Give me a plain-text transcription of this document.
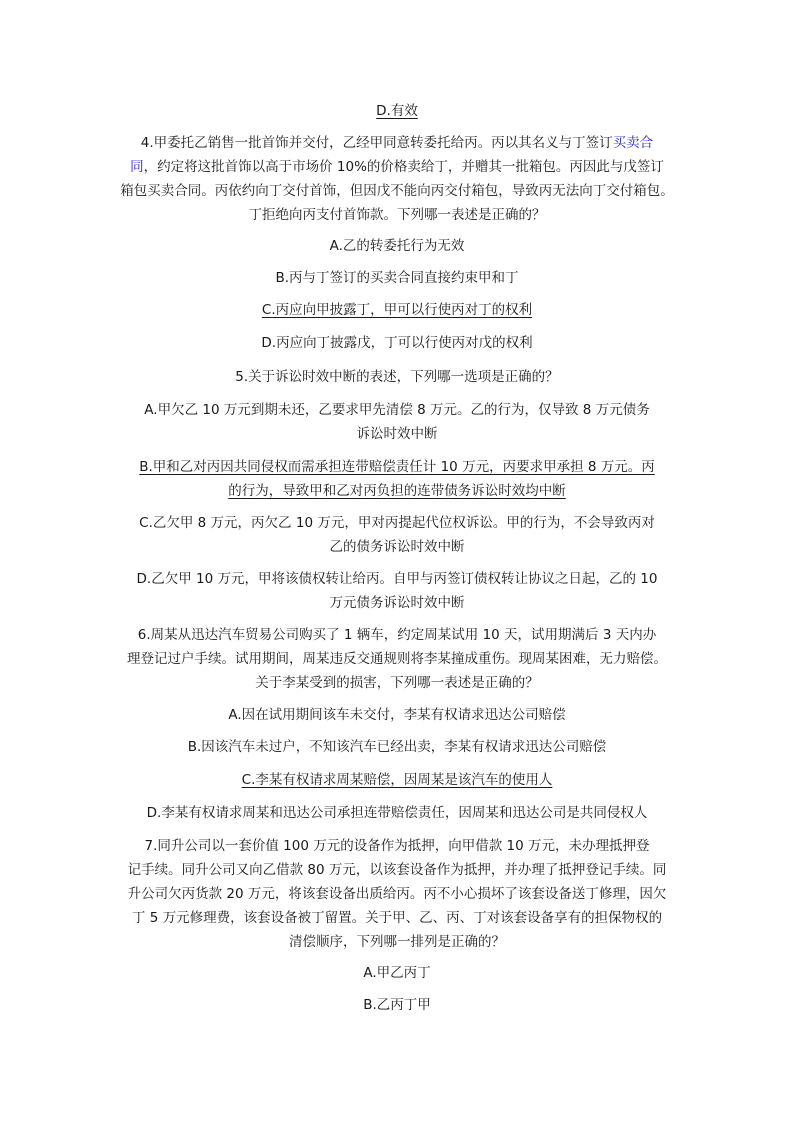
D.有效
4.甲委托乙销售一批首饰并交付，乙经甲同意转委托给丙。丙以其名义与丁签订买卖合
同，约定将这批首饰以高于市场价 10%的价格卖给丁，并赠其一批箱包。丙因此与戊签订
箱包买卖合同。丙依约向丁交付首饰，但因戊不能向丙交付箱包，导致丙无法向丁交付箱包。
丁拒绝向丙支付首饰款。下列哪一表述是正确的？
A.乙的转委托行为无效
B.丙与丁签订的买卖合同直接约束甲和丁
C.丙应向甲披露丁，甲可以行使丙对丁的权利
D.丙应向丁披露戊，丁可以行使丙对戊的权利
5.关于诉讼时效中断的表述，下列哪一选项是正确的？
A.甲欠乙 10 万元到期未还，乙要求甲先清偿 8 万元。乙的行为，仅导致 8 万元债务
诉讼时效中断
B.甲和乙对丙因共同侵权而需承担连带赔偿责任计 10 万元，丙要求甲承担 8 万元。丙
的行为，导致甲和乙对丙负担的连带债务诉讼时效均中断
C.乙欠甲 8 万元，丙欠乙 10 万元，甲对丙提起代位权诉讼。甲的行为，不会导致丙对
乙的债务诉讼时效中断
D.乙欠甲 10 万元，甲将该债权转让给丙。自甲与丙签订债权转让协议之日起，乙的 10
万元债务诉讼时效中断
6.周某从迅达汽车贸易公司购买了 1 辆车，约定周某试用 10 天，试用期满后 3 天内办
理登记过户手续。试用期间，周某违反交通规则将李某撞成重伤。现周某困难，无力赔偿。
关于李某受到的损害，下列哪一表述是正确的？
A.因在试用期间该车未交付，李某有权请求迅达公司赔偿
B.因该汽车未过户，不知该汽车已经出卖，李某有权请求迅达公司赔偿
C.李某有权请求周某赔偿，因周某是该汽车的使用人
D.李某有权请求周某和迅达公司承担连带赔偿责任，因周某和迅达公司是共同侵权人
7.同升公司以一套价值 100 万元的设备作为抵押，向甲借款 10 万元，未办理抵押登
记手续。同升公司又向乙借款 80 万元，以该套设备作为抵押，并办理了抵押登记手续。同
升公司欠丙货款 20 万元，将该套设备出质给丙。丙不小心损坏了该套设备送丁修理，因欠
丁 5 万元修理费，该套设备被丁留置。关于甲、乙、丙、丁对该套设备享有的担保物权的
清偿顺序，下列哪一排列是正确的？
A.甲乙丙丁
B.乙丙丁甲
